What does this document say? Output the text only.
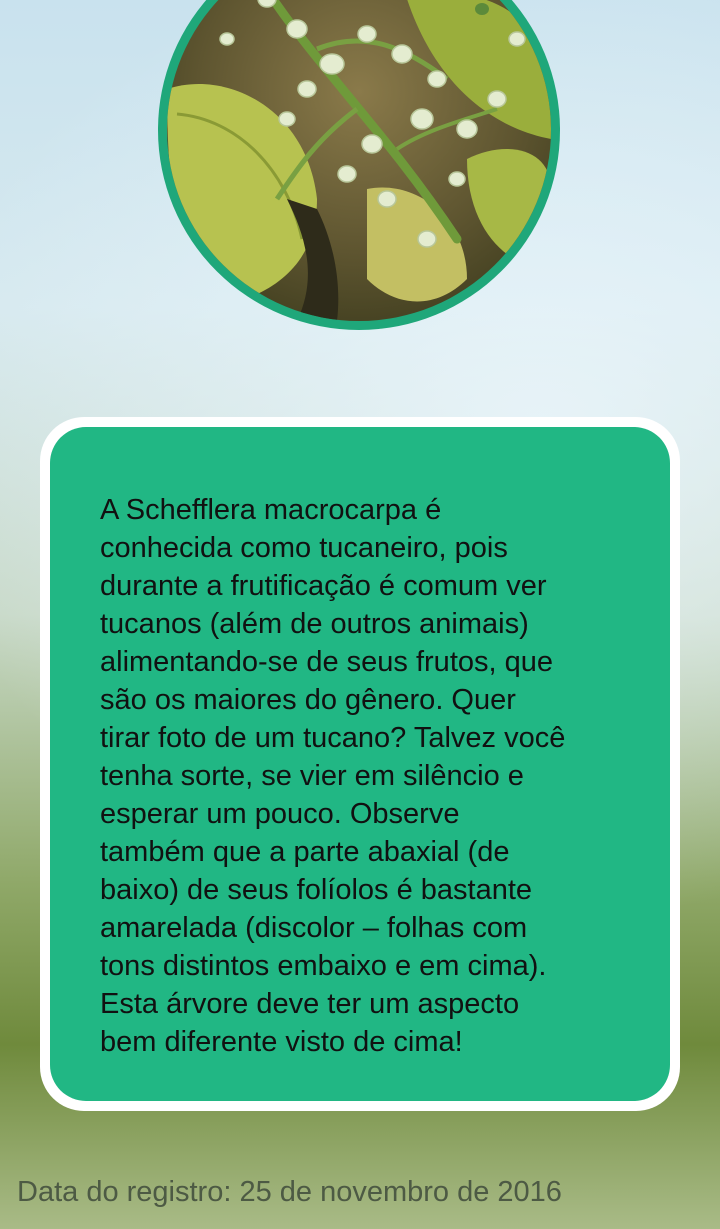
A Schefflera macrocarpa é
conhecida como tucaneiro, pois
durante a frutificação é comum ver
tucanos (além de outros animais)
alimentando-se de seus frutos, que
são os maiores do gênero. Quer
tirar foto de um tucano? Talvez você
tenha sorte, se vier em silêncio e
esperar um pouco. Observe
também que a parte abaxial (de
baixo) de seus folíolos é bastante
amarelada (discolor – folhas com
tons distintos embaixo e em cima).
Esta árvore deve ter um aspecto
bem diferente visto de cima!

Data do registro: 25 de novembro de 2016
